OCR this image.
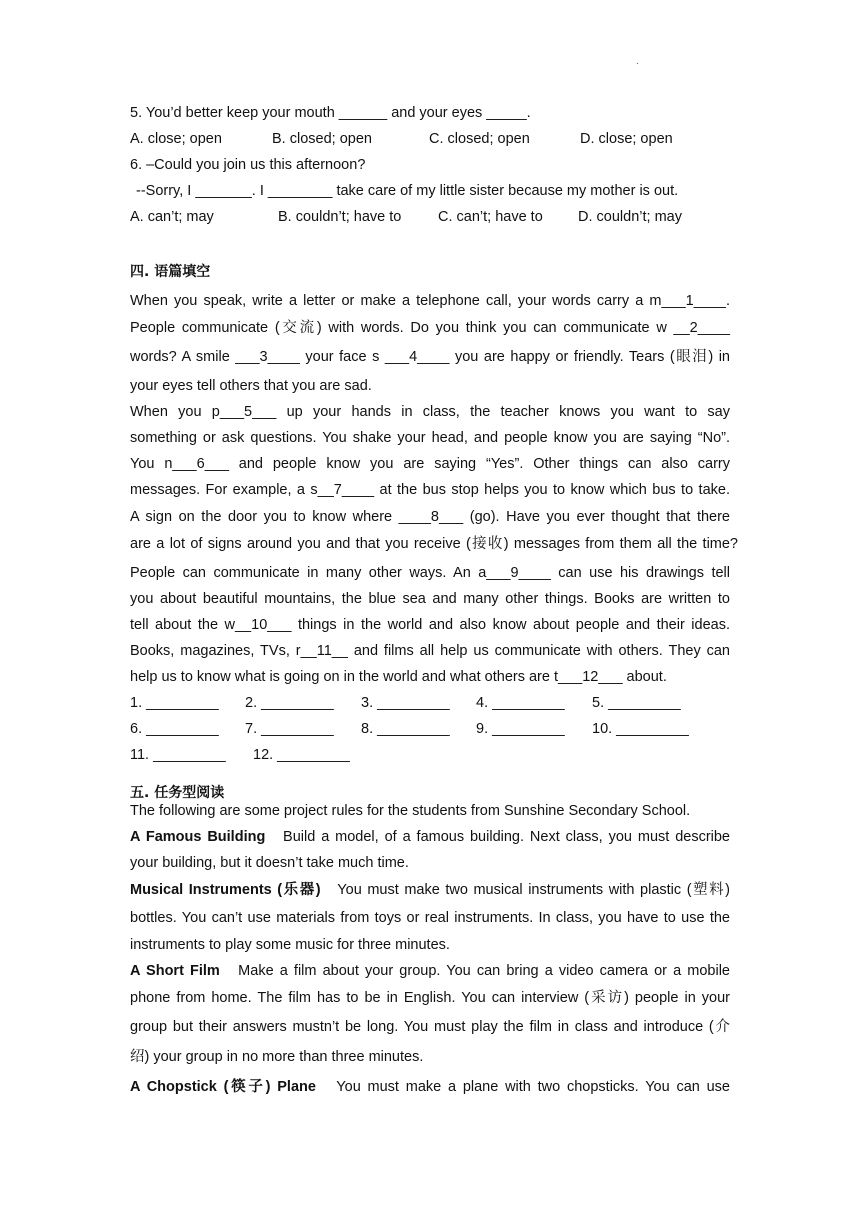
.
5. You’d better keep your mouth ______ and your eyes _____.
A. close; open	B. closed; open	C. closed; open	D. close; open
6. –Could you join us this afternoon?
--Sorry, I _______. I ________ take care of my little sister because my mother is out.
A. can’t; may	B. couldn’t; have to	C. can’t; have to D. couldn’t; may
四. 语篇填空
When you speak, write a letter or make a telephone call, your words carry a m___1____.
People communicate (交流) with words. Do you think you can communicate w __2____
words? A smile ___3____ your face s ___4____ you are happy or friendly. Tears (眼泪) in
your eyes tell others that you are sad.
When you p___5___ up your hands in class, the teacher knows you want to say
something or ask questions. You shake your head, and people know you are saying “No”.
You n___6___ and people know you are saying “Yes”. Other things can also carry
messages. For example, a s__7____ at the bus stop helps you to know which bus to take.
A sign on the door you to know where ____8___ (go). Have you ever thought that there
are a lot of signs around you and that you receive (接收) messages from them all the time?
People can communicate in many other ways. An a___9____ can use his drawings tell
you about beautiful mountains, the blue sea and many other things. Books are written to
tell about the w__10___ things in the world and also know about people and their ideas.
Books, magazines, TVs, r__11__ and films all help us communicate with others. They can
help us to know what is going on in the world and what others are t___12___ about.
1. _________ 2. _________ 3. _________ 4. _________ 5. _________
6. _________ 7. _________ 8. _________ 9. _________ 10. _________
11. _________ 12. _________
五. 任务型阅读
The following are some project rules for the students from Sunshine Secondary School.
A Famous Building Build a model, of a famous building. Next class, you must describe
your building, but it doesn’t take much time.
Musical Instruments (乐器) You must make two musical instruments with plastic (塑料)
bottles. You can’t use materials from toys or real instruments. In class, you have to use the
instruments to play some music for three minutes.
A Short Film Make a film about your group. You can bring a video camera or a mobile
phone from home. The film has to be in English. You can interview (采访) people in your
group but their answers mustn’t be long. You must play the film in class and introduce (介
绍) your group in no more than three minutes.
A Chopstick (筷子) Plane You must make a plane with two chopsticks. You can use
